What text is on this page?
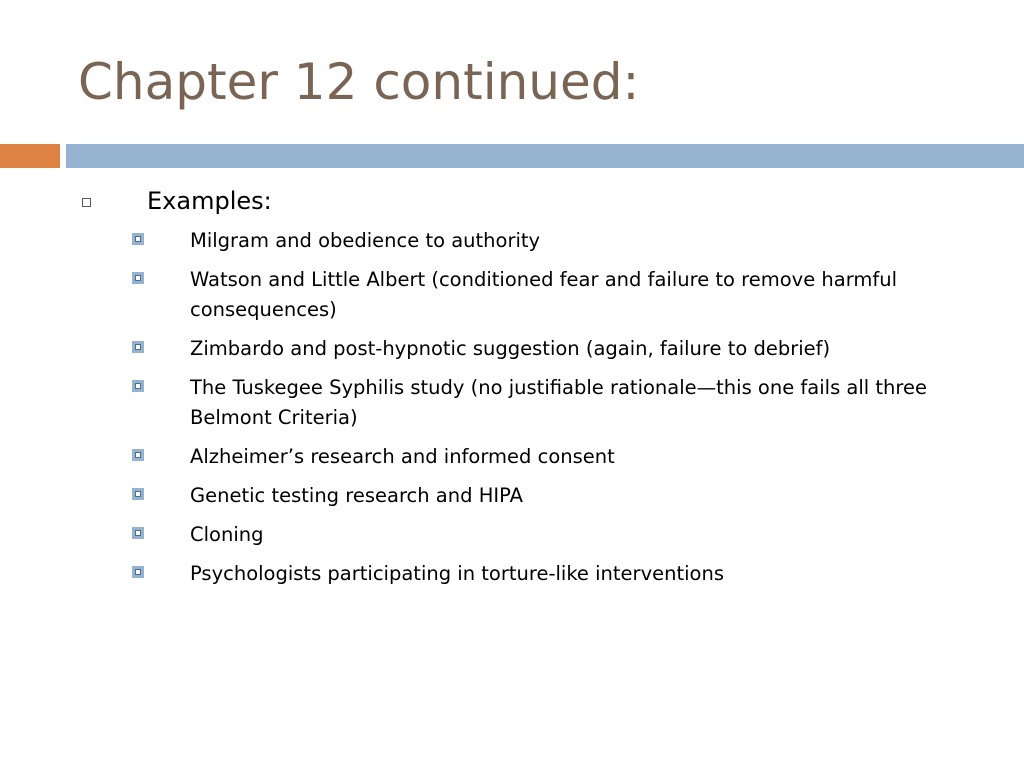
Chapter 12 continued:
Examples:
Milgram and obedience to authority
Watson and Little Albert (conditioned fear and failure to remove harmful consequences)
Zimbardo and post-hypnotic suggestion (again, failure to debrief)
The Tuskegee Syphilis study (no justifiable rationale—this one fails all three Belmont Criteria)
Alzheimer’s research and informed consent
Genetic testing research and HIPA
Cloning
Psychologists participating in torture-like interventions
